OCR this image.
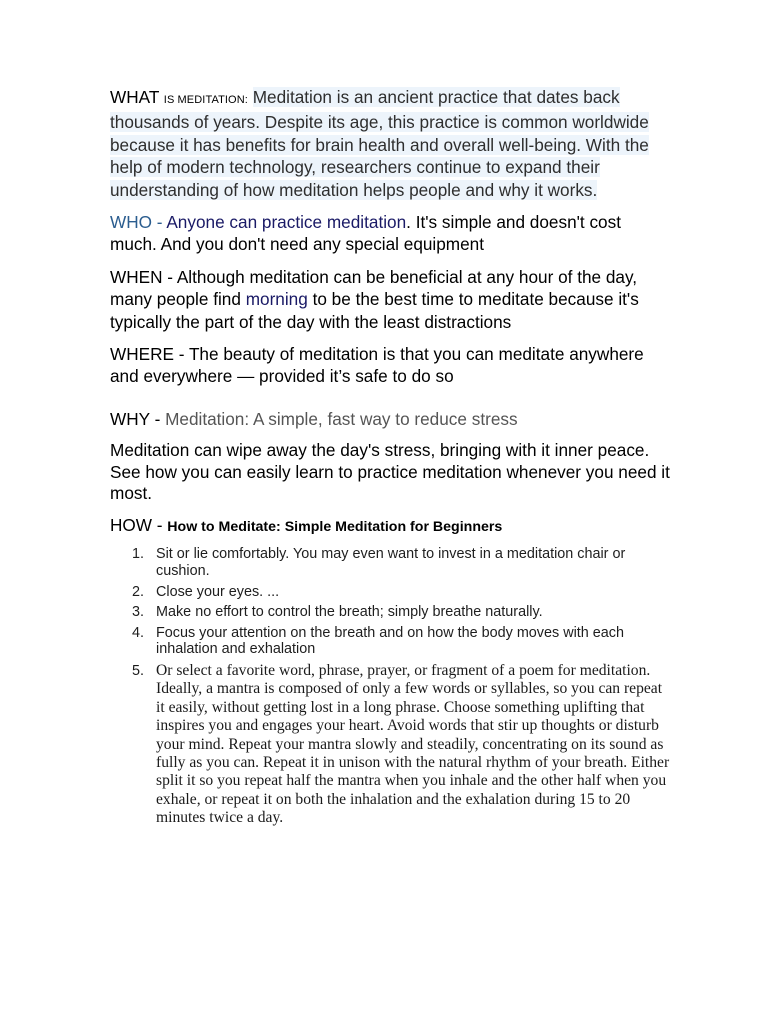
WHAT IS MEDITATION: Meditation is an ancient practice that dates back thousands of years. Despite its age, this practice is common worldwide because it has benefits for brain health and overall well-being. With the help of modern technology, researchers continue to expand their understanding of how meditation helps people and why it works.

WHO - Anyone can practice meditation. It's simple and doesn't cost much. And you don't need any special equipment

WHEN - Although meditation can be beneficial at any hour of the day, many people find morning to be the best time to meditate because it's typically the part of the day with the least distractions

WHERE - The beauty of meditation is that you can meditate anywhere and everywhere — provided it’s safe to do so

WHY - Meditation: A simple, fast way to reduce stress

Meditation can wipe away the day's stress, bringing with it inner peace. See how you can easily learn to practice meditation whenever you need it most.

HOW - How to Meditate: Simple Meditation for Beginners

1. Sit or lie comfortably. You may even want to invest in a meditation chair or cushion.
2. Close your eyes. ...
3. Make no effort to control the breath; simply breathe naturally.
4. Focus your attention on the breath and on how the body moves with each inhalation and exhalation
5. Or select a favorite word, phrase, prayer, or fragment of a poem for meditation. Ideally, a mantra is composed of only a few words or syllables, so you can repeat it easily, without getting lost in a long phrase. Choose something uplifting that inspires you and engages your heart. Avoid words that stir up thoughts or disturb your mind. Repeat your mantra slowly and steadily, concentrating on its sound as fully as you can. Repeat it in unison with the natural rhythm of your breath. Either split it so you repeat half the mantra when you inhale and the other half when you exhale, or repeat it on both the inhalation and the exhalation during 15 to 20 minutes twice a day.
